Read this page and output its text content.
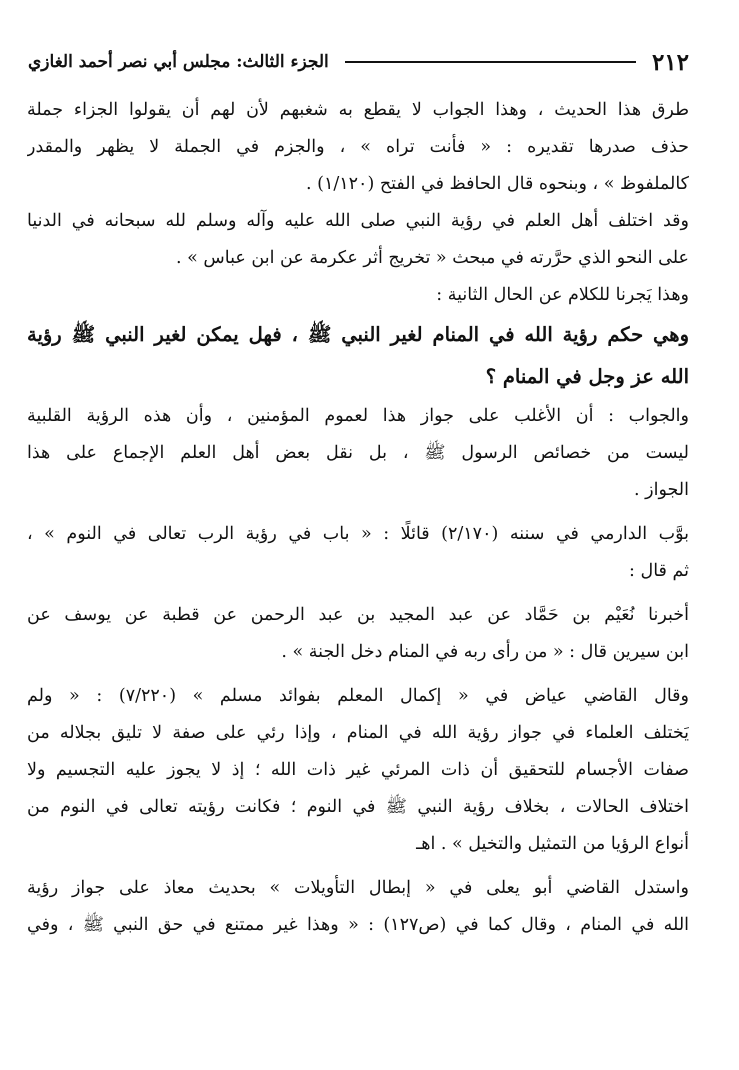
٢١٢
الجزء الثالث: مجلس أبي نصر أحمد الغازي
طرق هذا الحديث ، وهذا الجواب لا يقطع به شغبهم لأن لهم أن يقولوا الجزاء جملة
حذف صدرها تقديره : « فأنت تراه » ، والجزم في الجملة لا يظهر والمقدر
كالملفوظ » ، وبنحوه قال الحافظ في الفتح (١/١٢٠) .
وقد اختلف أهل العلم في رؤية النبي صلى الله عليه وآله وسلم لله سبحانه في الدنيا
على النحو الذي حرَّرته في مبحث « تخريج أثر عكرمة عن ابن عباس » .
وهذا يَجرنا للكلام عن الحال الثانية :
وهي حكم رؤية الله في المنام لغير النبي ﷺ ، فهل يمكن لغير النبي ﷺ رؤية
الله عز وجل في المنام ؟
والجواب : أن الأغلب على جواز هذا لعموم المؤمنين ، وأن هذه الرؤية القلبية
ليست من خصائص الرسول ﷺ ، بل نقل بعض أهل العلم الإجماع على هذا
الجواز .
بوَّب الدارمي في سننه (٢/١٧٠) قائلًا : « باب في رؤية الرب تعالى في النوم » ،
ثم قال :
أخبرنا نُعَيْم بن حَمَّاد عن عبد المجيد بن عبد الرحمن عن قطبة عن يوسف عن
ابن سيرين قال : « من رأى ربه في المنام دخل الجنة » .
وقال القاضي عياض في « إكمال المعلم بفوائد مسلم » (٧/٢٢٠) : « ولم
يَختلف العلماء في جواز رؤية الله في المنام ، وإذا رئي على صفة لا تليق بجلاله من
صفات الأجسام للتحقيق أن ذات المرئي غير ذات الله ؛ إذ لا يجوز عليه التجسيم ولا
اختلاف الحالات ، بخلاف رؤية النبي ﷺ في النوم ؛ فكانت رؤيته تعالى في النوم من
أنواع الرؤيا من التمثيل والتخيل » . اهـ
واستدل القاضي أبو يعلى في « إبطال التأويلات » بحديث معاذ على جواز رؤية
الله في المنام ، وقال كما في (ص١٢٧) : « وهذا غير ممتنع في حق النبي ﷺ ، وفي
